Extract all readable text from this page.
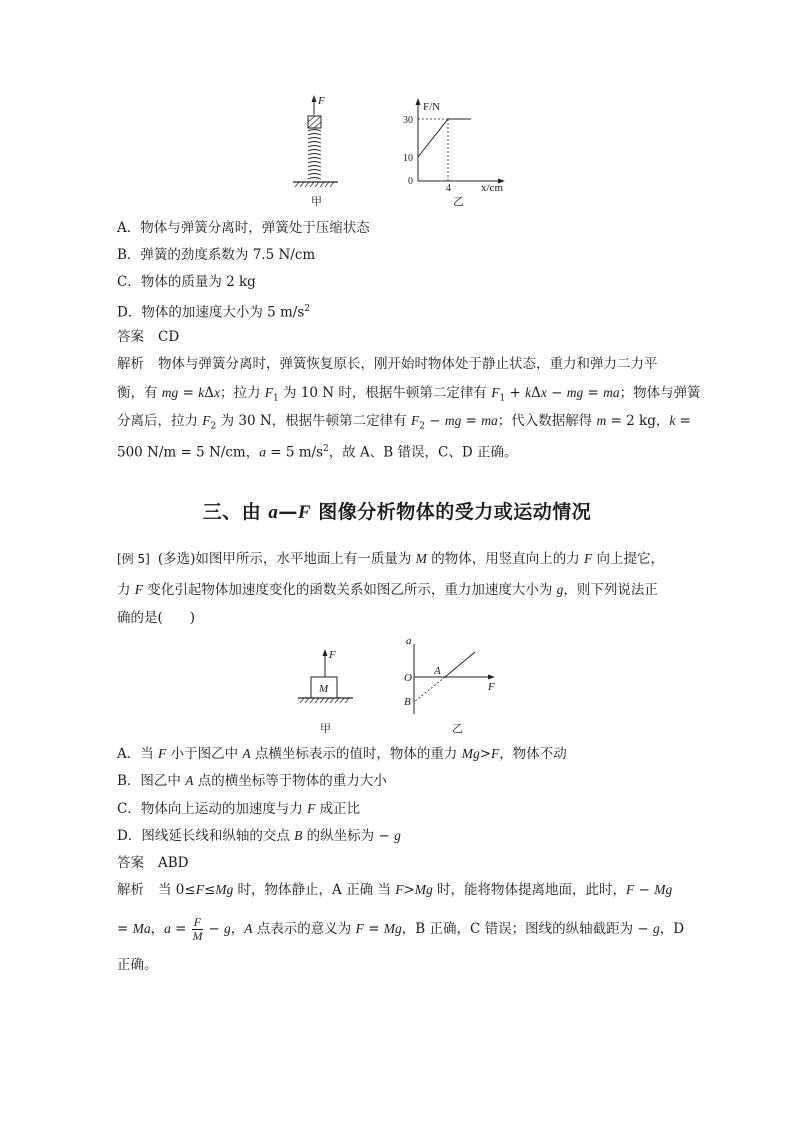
F
甲
F/N
x/cm
30
10
0
4
乙
A．物体与弹簧分离时，弹簧处于压缩状态
B．弹簧的劲度系数为 7.5 N/cm
C．物体的质量为 2 kg
D．物体的加速度大小为 5 $m/s^2$
答案 CD
解析 物体与弹簧分离时，弹簧恢复原长，刚开始时物体处于静止状态，重力和弹力二力平
衡，有 mg = kΔx；拉力 $F_1$ 为 10 N 时，根据牛顿第二定律有 $F_1 + k\Delta x$ − mg = ma；物体与弹簧
分离后，拉力 $F_2$ 为 30 N，根据牛顿第二定律有 $F_2$ − mg = ma；代入数据解得 m = 2 kg，k =
500 N/m = 5 N/cm，a = 5 $m/s^2$，故 A、B 错误，C、D 正确。
三、由 a—F 图像分析物体的受力或运动情况
[例 5] (多选)如图甲所示，水平地面上有一质量为 M 的物体，用竖直向上的力 F 向上提它，
力 F 变化引起物体加速度变化的函数关系如图乙所示，重力加速度大小为 g，则下列说法正
确的是(　　)
F
M
甲
a
F
O
A
B
乙
A．当 F 小于图乙中 A 点横坐标表示的值时，物体的重力 Mg>F，物体不动
B．图乙中 A 点的横坐标等于物体的重力大小
C．物体向上运动的加速度与力 F 成正比
D．图线延长线和纵轴的交点 B 的纵坐标为 − g
答案 ABD
解析 当 0≤F≤Mg 时，物体静止，A 正确 当 F>Mg 时，能将物体提离地面，此时，F − Mg
= Ma，$a = \frac{F}{M} - g$，A 点表示的意义为 F = Mg，B 正确，C 错误；图线的纵轴截距为 − g，D
正确。
